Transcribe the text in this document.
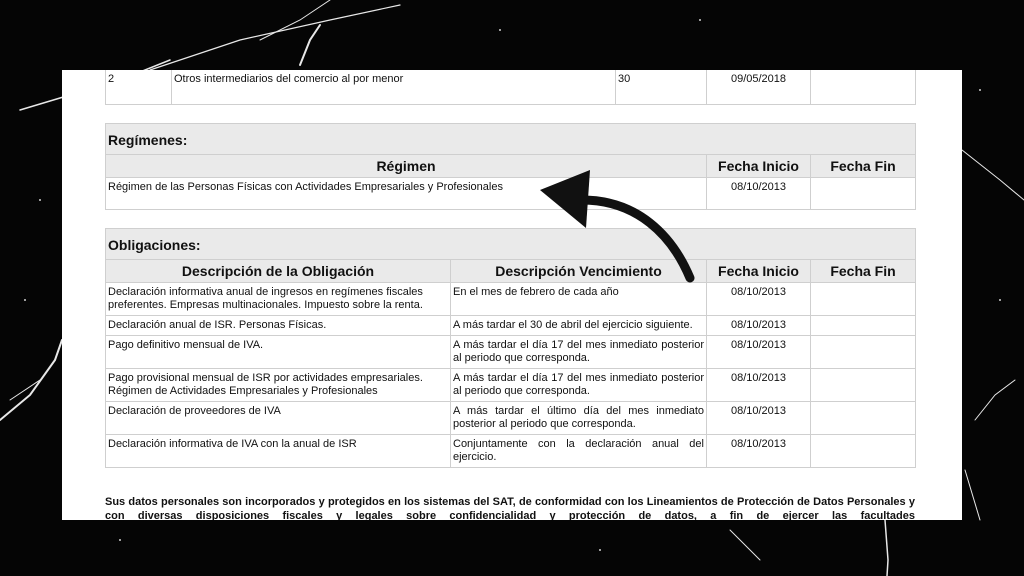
2	Otros intermediarios del comercio al por menor	30	09/05/2018	
Regímenes:		
Régimen	Fecha Inicio	Fecha Fin
Régimen de las Personas Físicas con Actividades Empresariales y Profesionales	08/10/2013	
Obligaciones:			
Descripción de la Obligación	Descripción Vencimiento	Fecha Inicio	Fecha Fin
Declaración informativa anual de ingresos en regímenes fiscales preferentes. Empresas multinacionales. Impuesto sobre la renta.	En el mes de febrero de cada año	08/10/2013	
Declaración anual de ISR. Personas Físicas.	A más tardar el 30 de abril del ejercicio siguiente.	08/10/2013	
Pago definitivo mensual de IVA.	A más tardar el día 17 del mes inmediato posterior al periodo que corresponda.	08/10/2013	
Pago provisional mensual de ISR por actividades empresariales. Régimen de Actividades Empresariales y Profesionales	A más tardar el día 17 del mes inmediato posterior al periodo que corresponda.	08/10/2013	
Declaración de proveedores de IVA	A más tardar el último día del mes inmediato posterior al periodo que corresponda.	08/10/2013	
Declaración informativa de IVA con la anual de ISR	Conjuntamente con la declaración anual del ejercicio.	08/10/2013	
Sus datos personales son incorporados y protegidos en los sistemas del SAT, de conformidad con los Lineamientos de Protección de Datos Personales y con diversas disposiciones fiscales y legales sobre confidencialidad y protección de datos, a fin de ejercer las facultades
